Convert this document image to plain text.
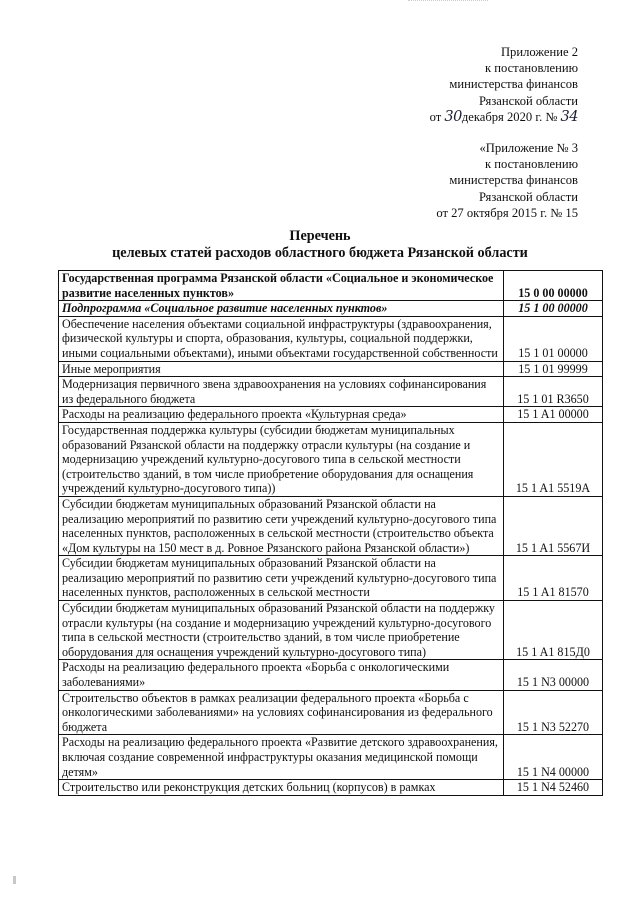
Приложение 2
к постановлению
министерства финансов
Рязанской области
от 30декабря 2020 г. № 34
«Приложение № 3
к постановлению
министерства финансов
Рязанской области
от 27 октября 2015 г. № 15
Перечень
целевых статей расходов областного бюджета Рязанской области
Государственная программа Рязанской области «Социальное и экономическое развитие населенных пунктов»	15 0 00 00000
Подпрограмма «Социальное развитие населенных пунктов»	15 1 00 00000
Обеспечение населения объектами социальной инфраструктуры (здравоохранения, физической культуры и спорта, образования, культуры, социальной поддержки, иными социальными объектами), иными объектами государственной собственности	15 1 01 00000
Иные мероприятия	15 1 01 99999
Модернизация первичного звена здравоохранения на условиях софинансирования из федерального бюджета	15 1 01 R3650
Расходы на реализацию федерального проекта «Культурная среда»	15 1 A1 00000
Государственная поддержка культуры (субсидии бюджетам муниципальных образований Рязанской области на поддержку отрасли культуры (на создание и модернизацию учреждений культурно-досугового типа в сельской местности (строительство зданий, в том числе приобретение оборудования для оснащения учреждений культурно-досугового типа))	15 1 A1 5519A
Субсидии бюджетам муниципальных образований Рязанской области на реализацию мероприятий по развитию сети учреждений культурно-досугового типа населенных пунктов, расположенных в сельской местности (строительство объекта «Дом культуры на 150 мест в д. Ровное Рязанского района Рязанской области»)	15 1 A1 5567И
Субсидии бюджетам муниципальных образований Рязанской области на реализацию мероприятий по развитию сети учреждений культурно-досугового типа населенных пунктов, расположенных в сельской местности	15 1 A1 81570
Субсидии бюджетам муниципальных образований Рязанской области на поддержку отрасли культуры (на создание и модернизацию учреждений культурно-досугового типа в сельской местности (строительство зданий, в том числе приобретение оборудования для оснащения учреждений культурно-досугового типа)	15 1 A1 815Д0
Расходы на реализацию федерального проекта «Борьба с онкологическими заболеваниями»	15 1 N3 00000
Строительство объектов в рамках реализации федерального проекта «Борьба с онкологическими заболеваниями» на условиях софинансирования из федерального бюджета	15 1 N3 52270
Расходы на реализацию федерального проекта «Развитие детского здравоохранения, включая создание современной инфраструктуры оказания медицинской помощи детям»	15 1 N4 00000
Строительство или реконструкция детских больниц (корпусов) в рамках	15 1 N4 52460
